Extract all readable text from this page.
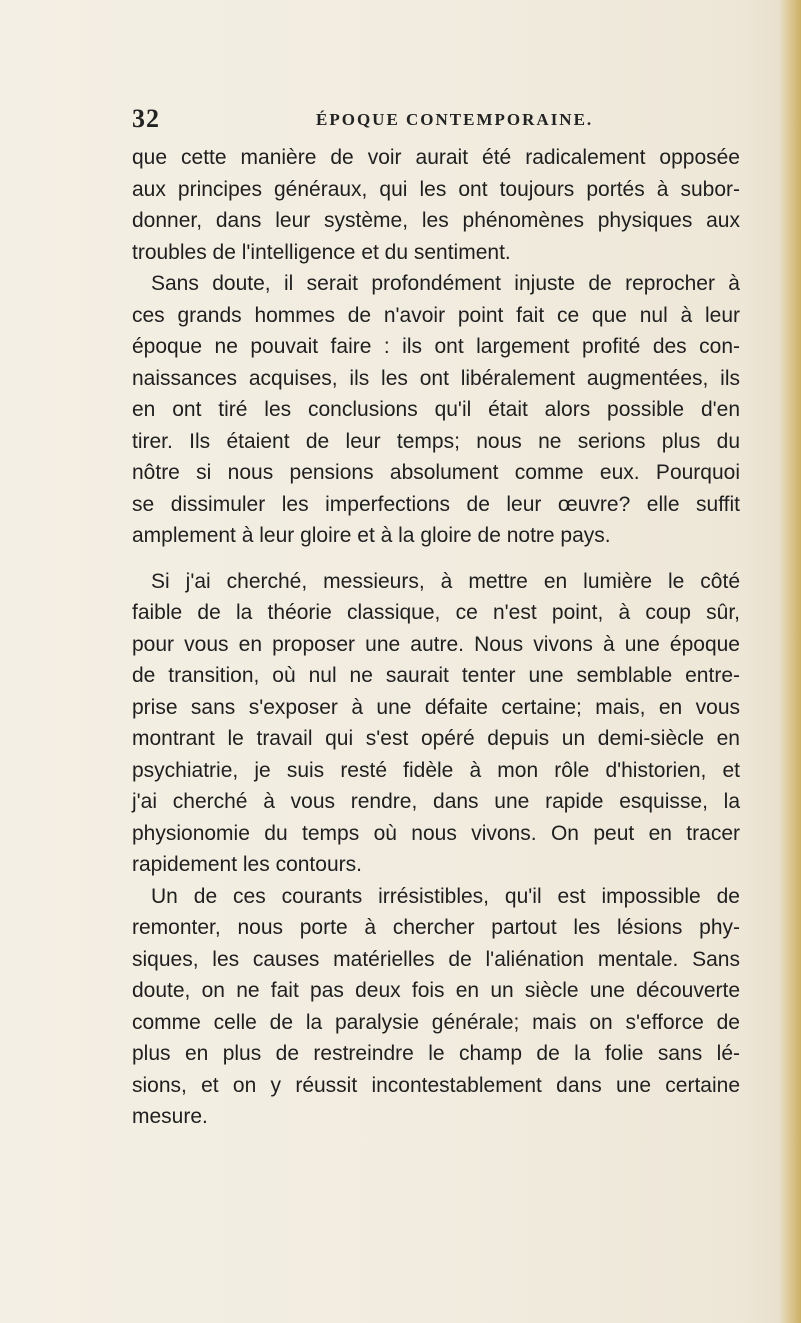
32	ÉPOQUE CONTEMPORAINE.
que cette manière de voir aurait été radicalement opposée
aux principes généraux, qui les ont toujours portés à subor-
donner, dans leur système, les phénomènes physiques aux
troubles de l'intelligence et du sentiment.
Sans doute, il serait profondément injuste de reprocher à
ces grands hommes de n'avoir point fait ce que nul à leur
époque ne pouvait faire : ils ont largement profité des con-
naissances acquises, ils les ont libéralement augmentées, ils
en ont tiré les conclusions qu'il était alors possible d'en
tirer. Ils étaient de leur temps; nous ne serions plus du
nôtre si nous pensions absolument comme eux. Pourquoi
se dissimuler les imperfections de leur œuvre? elle suffit
amplement à leur gloire et à la gloire de notre pays.
Si j'ai cherché, messieurs, à mettre en lumière le côté
faible de la théorie classique, ce n'est point, à coup sûr,
pour vous en proposer une autre. Nous vivons à une époque
de transition, où nul ne saurait tenter une semblable entre-
prise sans s'exposer à une défaite certaine; mais, en vous
montrant le travail qui s'est opéré depuis un demi-siècle en
psychiatrie, je suis resté fidèle à mon rôle d'historien, et
j'ai cherché à vous rendre, dans une rapide esquisse, la
physionomie du temps où nous vivons. On peut en tracer
rapidement les contours.
Un de ces courants irrésistibles, qu'il est impossible de
remonter, nous porte à chercher partout les lésions phy-
siques, les causes matérielles de l'aliénation mentale. Sans
doute, on ne fait pas deux fois en un siècle une découverte
comme celle de la paralysie générale; mais on s'efforce de
plus en plus de restreindre le champ de la folie sans lé-
sions, et on y réussit incontestablement dans une certaine
mesure.
